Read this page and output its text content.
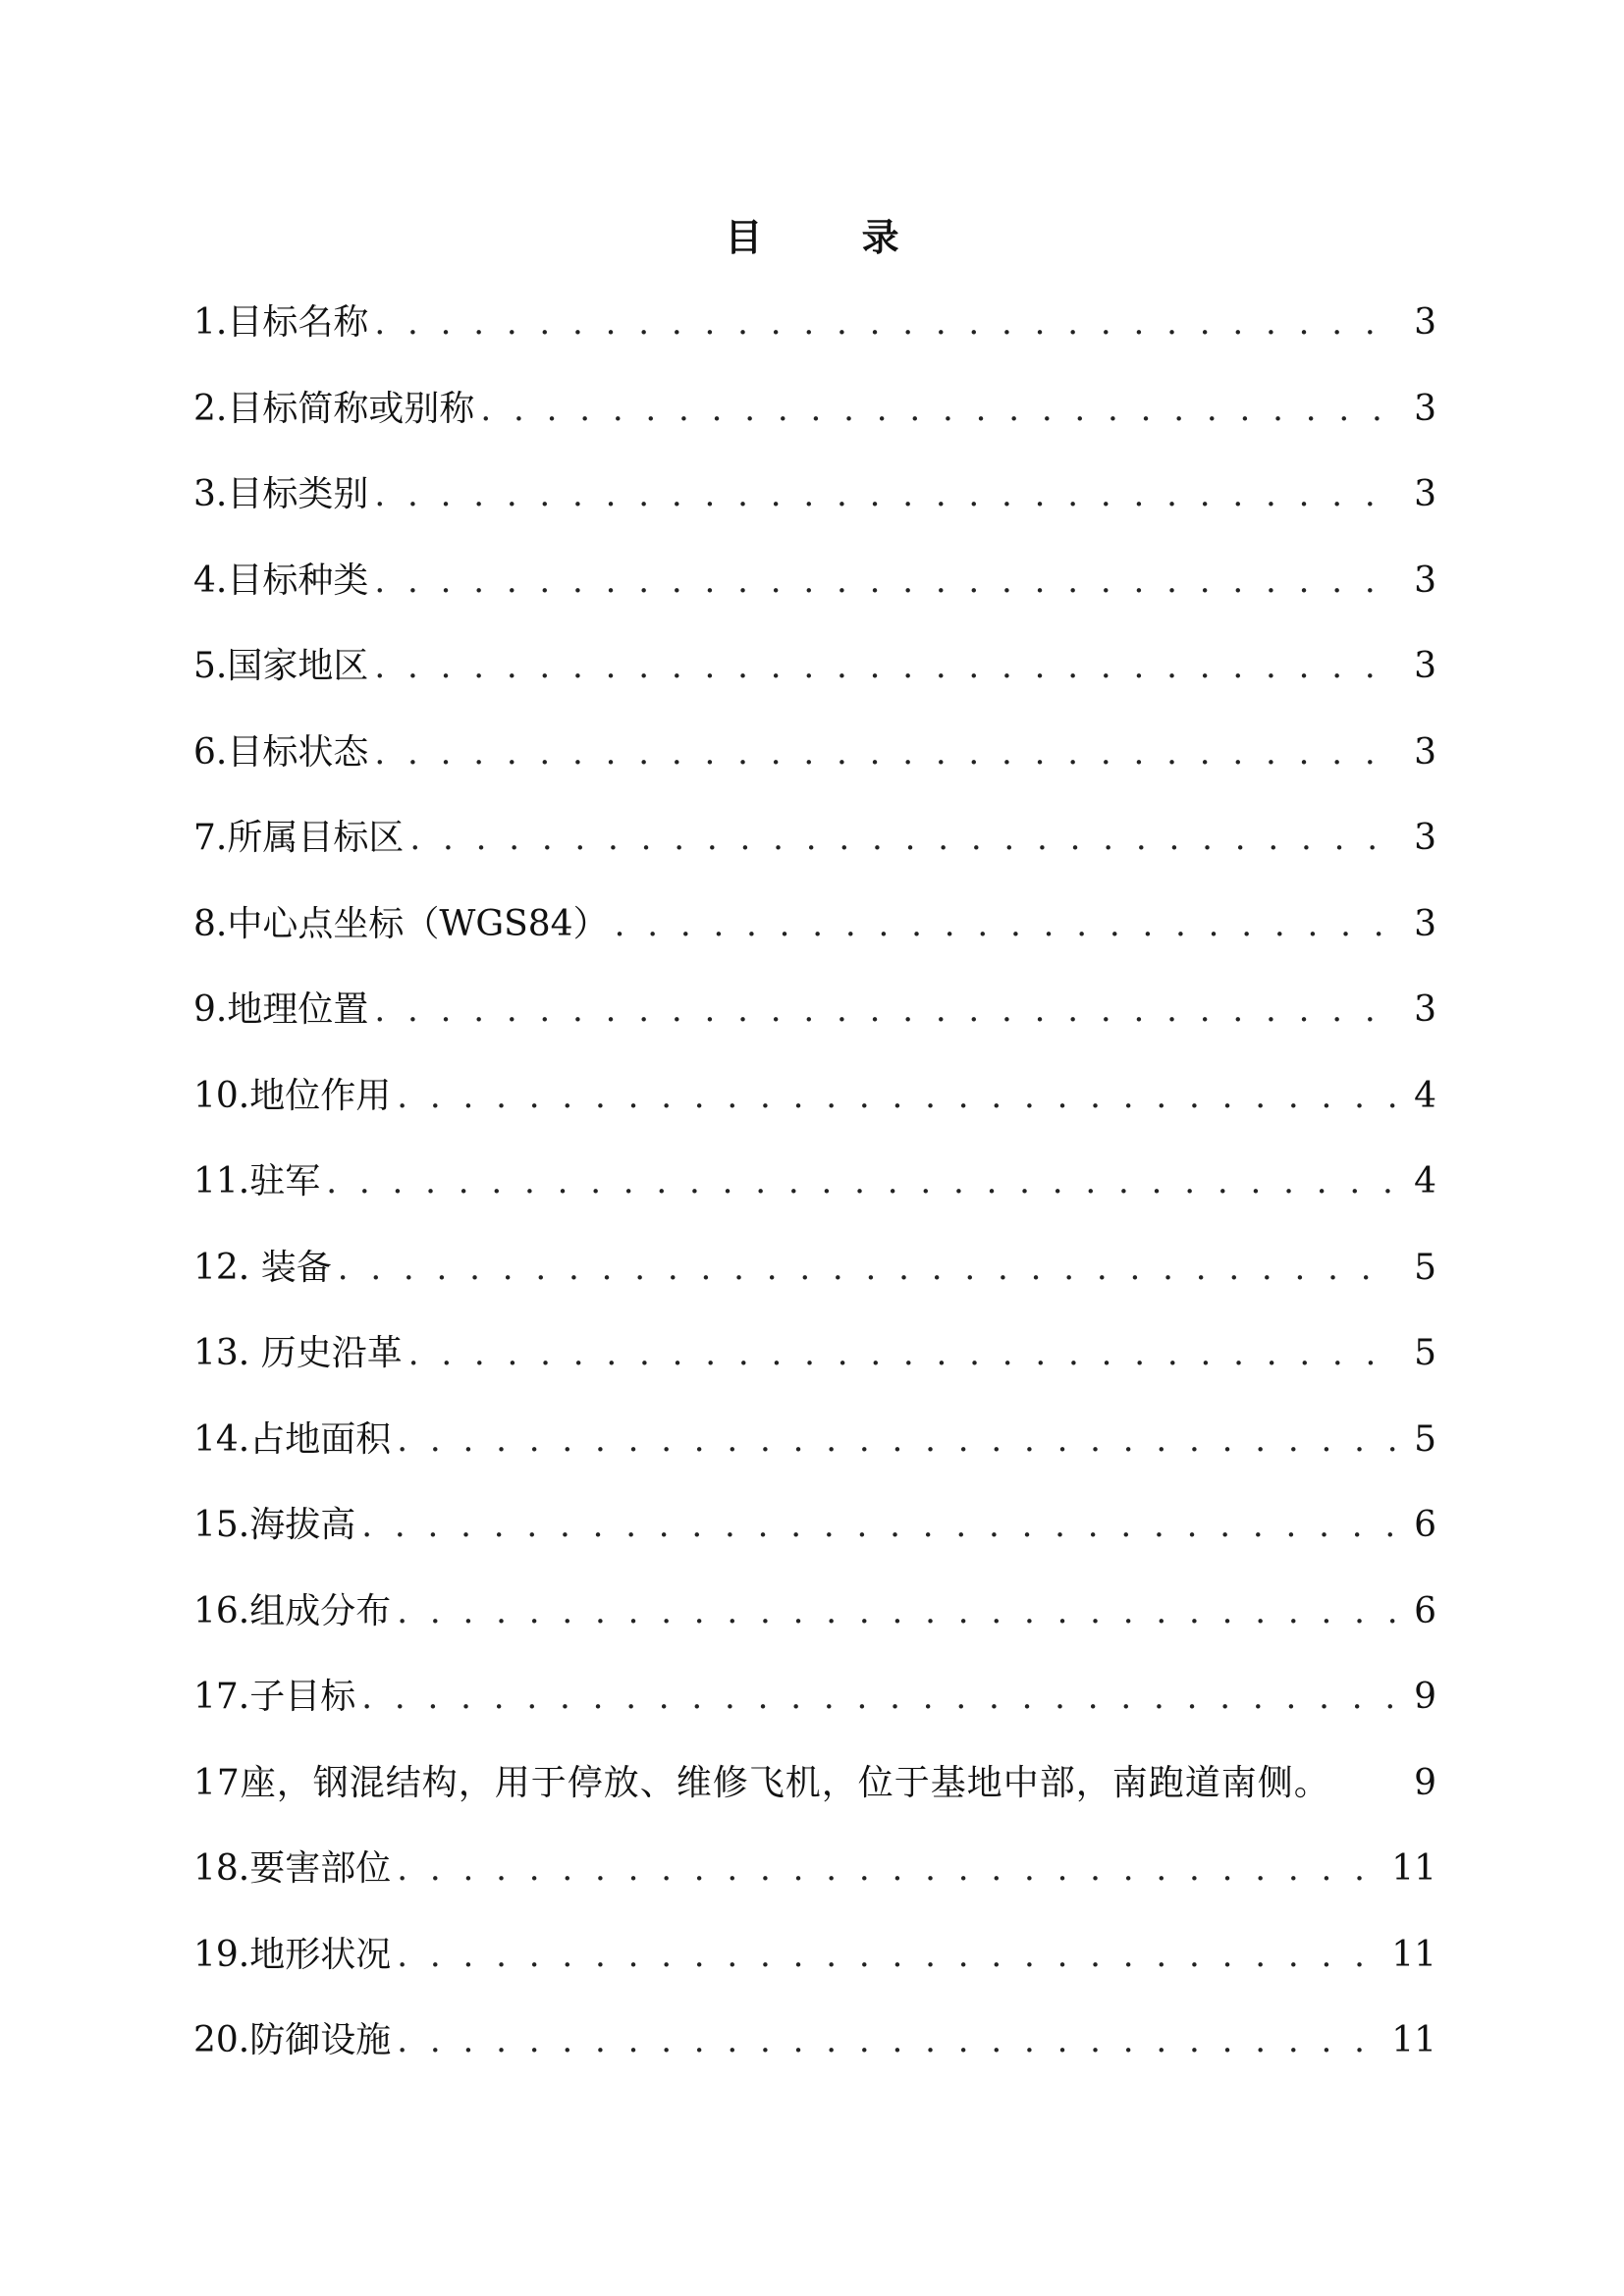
目 录
1.目标名称 . . .	3
2.目标简称或别称 . . .	3
3.目标类别 . . .	3
4.目标种类 . . .	3
5.国家地区 . . .	3
6.目标状态 . . .	3
7.所属目标区 . . .	3
8.中心点坐标（WGS84） . . .	3
9.地理位置 . . .	3
10.地位作用 . . .	4
11.驻军 . . .	4
12. 装备 . . .	5
13. 历史沿革 . . .	5
14.占地面积 . . .	5
15.海拔高 . . .	6
16.组成分布 . . .	6
17.子目标 . . .	9
17座，钢混结构，用于停放、维修飞机，位于基地中部，南跑道南侧。	9
18.要害部位 . . .	11
19.地形状况 . . .	11
20.防御设施 . . .	11
